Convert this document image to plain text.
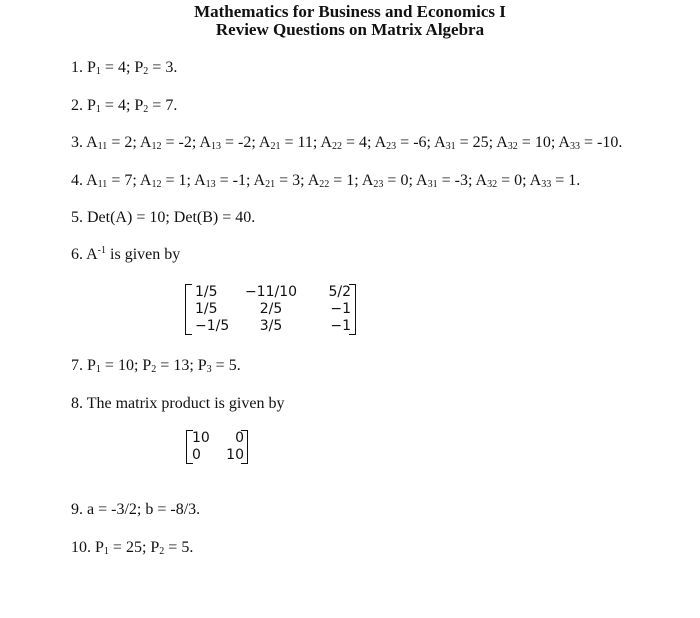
Mathematics for Business and Economics I
Review Questions on Matrix Algebra
1. $P_1 = 4$; $P_2 = 3$.
2. $P_1 = 4$; $P_2 = 7$.
3. $A_{11} = 2$; $A_{12} = -2$; $A_{13} = -2$; $A_{21} = 11$; $A_{22} = 4$; $A_{23} = -6$; $A_{31} = 25$; $A_{32} = 10$; $A_{33} = -10$.
4. $A_{11} = 7$; $A_{12} = 1$; $A_{13} = -1$; $A_{21} = 3$; $A_{22} = 1$; $A_{23} = 0$; $A_{31} = -3$; $A_{32} = 0$; $A_{33} = 1$.
5. Det(A) = 10; Det(B) = 40.
6. $A^{-1}$ is given by
1/5	−11/10	5/2
1/5	2/5	−1
−1/5	3/5	−1
7. $P_1 = 10$; $P_2 = 13$; $P_3 = 5$.
8. The matrix product is given by
10	0
0	10
9. a = -3/2; b = -8/3.
10. $P_1 = 25$; $P_2 = 5$.
